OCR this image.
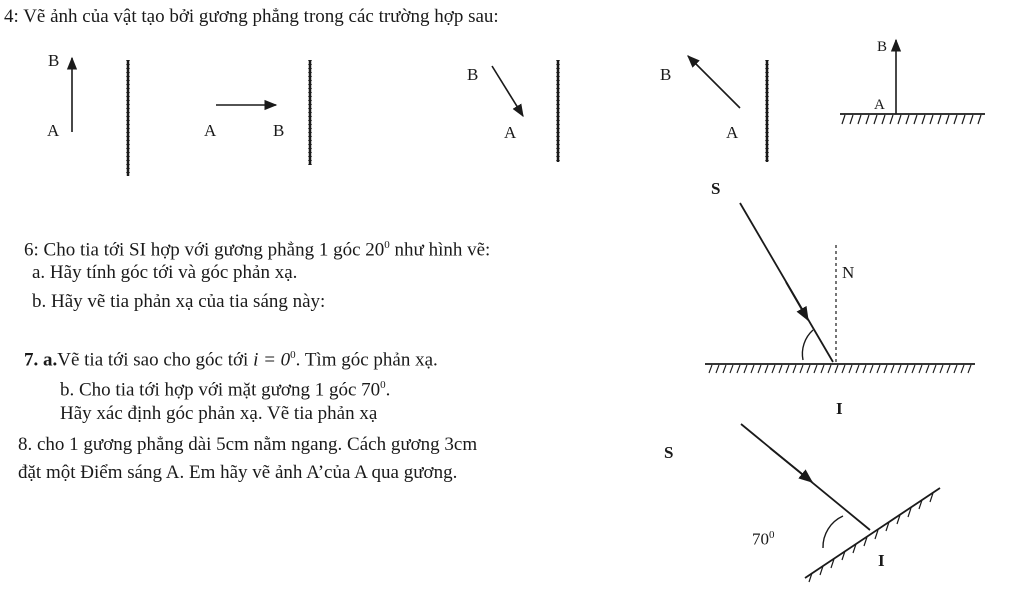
4: Vẽ ảnh của vật tạo bởi gương phẳng trong các trường hợp sau:
6: Cho tia tới SI hợp với gương phẳng 1 góc $20^0$ như hình vẽ:
a. Hãy tính góc tới và góc phản xạ.
b. Hãy vẽ tia phản xạ của tia sáng này:
7. a.Vẽ tia tới sao cho góc tới $i = 0^0$. Tìm góc phản xạ.
b. Cho tia tới hợp với mặt gương 1 góc $70^0$.
Hãy xác định góc phản xạ. Vẽ tia phản xạ
8. cho 1 gương phẳng dài 5cm nằm ngang. Cách gương 3cm
đặt một Điểm sáng A. Em hãy vẽ ảnh A’của A qua gương.
B
A	A	B
B
A
B
A
B
A
S
N
I
S
$70^0$
I
